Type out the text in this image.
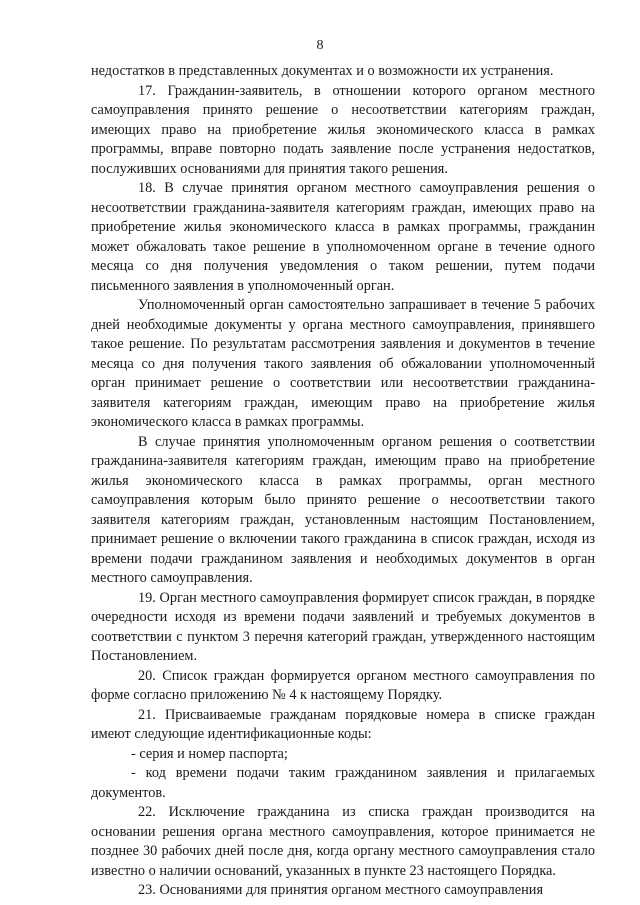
8

недостатков в представленных документах и о возможности их устранения.

17. Гражданин-заявитель, в отношении которого органом местного самоуправления принято решение о несоответствии категориям граждан, имеющих право на приобретение жилья экономического класса в рамках программы, вправе повторно подать заявление после устранения недостатков, послуживших основаниями для принятия такого решения.

18. В случае принятия органом местного самоуправления решения о несоответствии гражданина-заявителя категориям граждан, имеющих право на приобретение жилья экономического класса в рамках программы, гражданин может обжаловать такое решение в уполномоченном органе в течение одного месяца со дня получения уведомления о таком решении, путем подачи письменного заявления в уполномоченный орган.

Уполномоченный орган самостоятельно запрашивает в течение 5 рабочих дней необходимые документы у органа местного самоуправления, принявшего такое решение. По результатам рассмотрения заявления и документов в течение месяца со дня получения такого заявления об обжаловании уполномоченный орган принимает решение о соответствии или несоответствии гражданина-заявителя категориям граждан, имеющим право на приобретение жилья экономического класса в рамках программы.

В случае принятия уполномоченным органом решения о соответствии гражданина-заявителя категориям граждан, имеющим право на приобретение жилья экономического класса в рамках программы, орган местного самоуправления которым было принято решение о несоответствии такого заявителя категориям граждан, установленным настоящим Постановлением, принимает решение о включении такого гражданина в список граждан, исходя из времени подачи гражданином заявления и необходимых документов в орган местного самоуправления.

19. Орган местного самоуправления формирует список граждан, в порядке очередности исходя из времени подачи заявлений и требуемых документов в соответствии с пунктом 3 перечня категорий граждан, утвержденного настоящим Постановлением.

20. Список граждан формируется органом местного самоуправления по форме согласно приложению № 4 к настоящему Порядку.

21. Присваиваемые гражданам порядковые номера в списке граждан имеют следующие идентификационные коды:

- серия и номер паспорта;

- код времени подачи таким гражданином заявления и прилагаемых документов.

22. Исключение гражданина из списка граждан производится на основании решения органа местного самоуправления, которое принимается не позднее 30 рабочих дней после дня, когда органу местного самоуправления стало известно о наличии оснований, указанных в пункте 23 настоящего Порядка.

23. Основаниями для принятия органом местного самоуправления
